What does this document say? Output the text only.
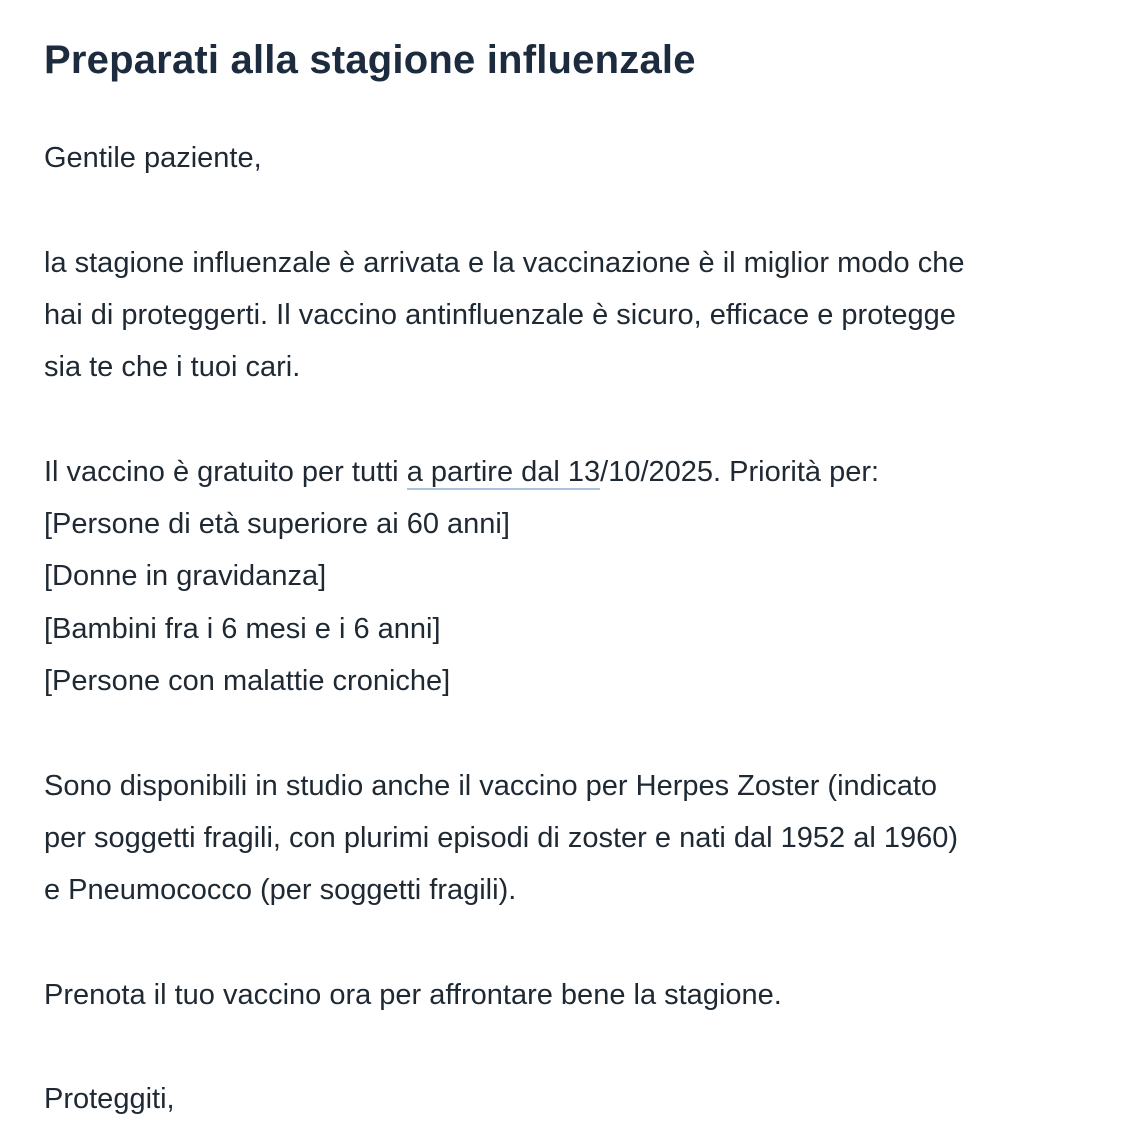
Preparati alla stagione influenzale

Gentile paziente,

la stagione influenzale è arrivata e la vaccinazione è il miglior modo che
hai di proteggerti. Il vaccino antinfluenzale è sicuro, efficace e protegge
sia te che i tuoi cari.

Il vaccino è gratuito per tutti a partire dal 13/10/2025. Priorità per:
[Persone di età superiore ai 60 anni]
[Donne in gravidanza]
[Bambini fra i 6 mesi e i 6 anni]
[Persone con malattie croniche]

Sono disponibili in studio anche il vaccino per Herpes Zoster (indicato
per soggetti fragili, con plurimi episodi di zoster e nati dal 1952 al 1960)
e Pneumococco (per soggetti fragili).

Prenota il tuo vaccino ora per affrontare bene la stagione.

Proteggiti,
